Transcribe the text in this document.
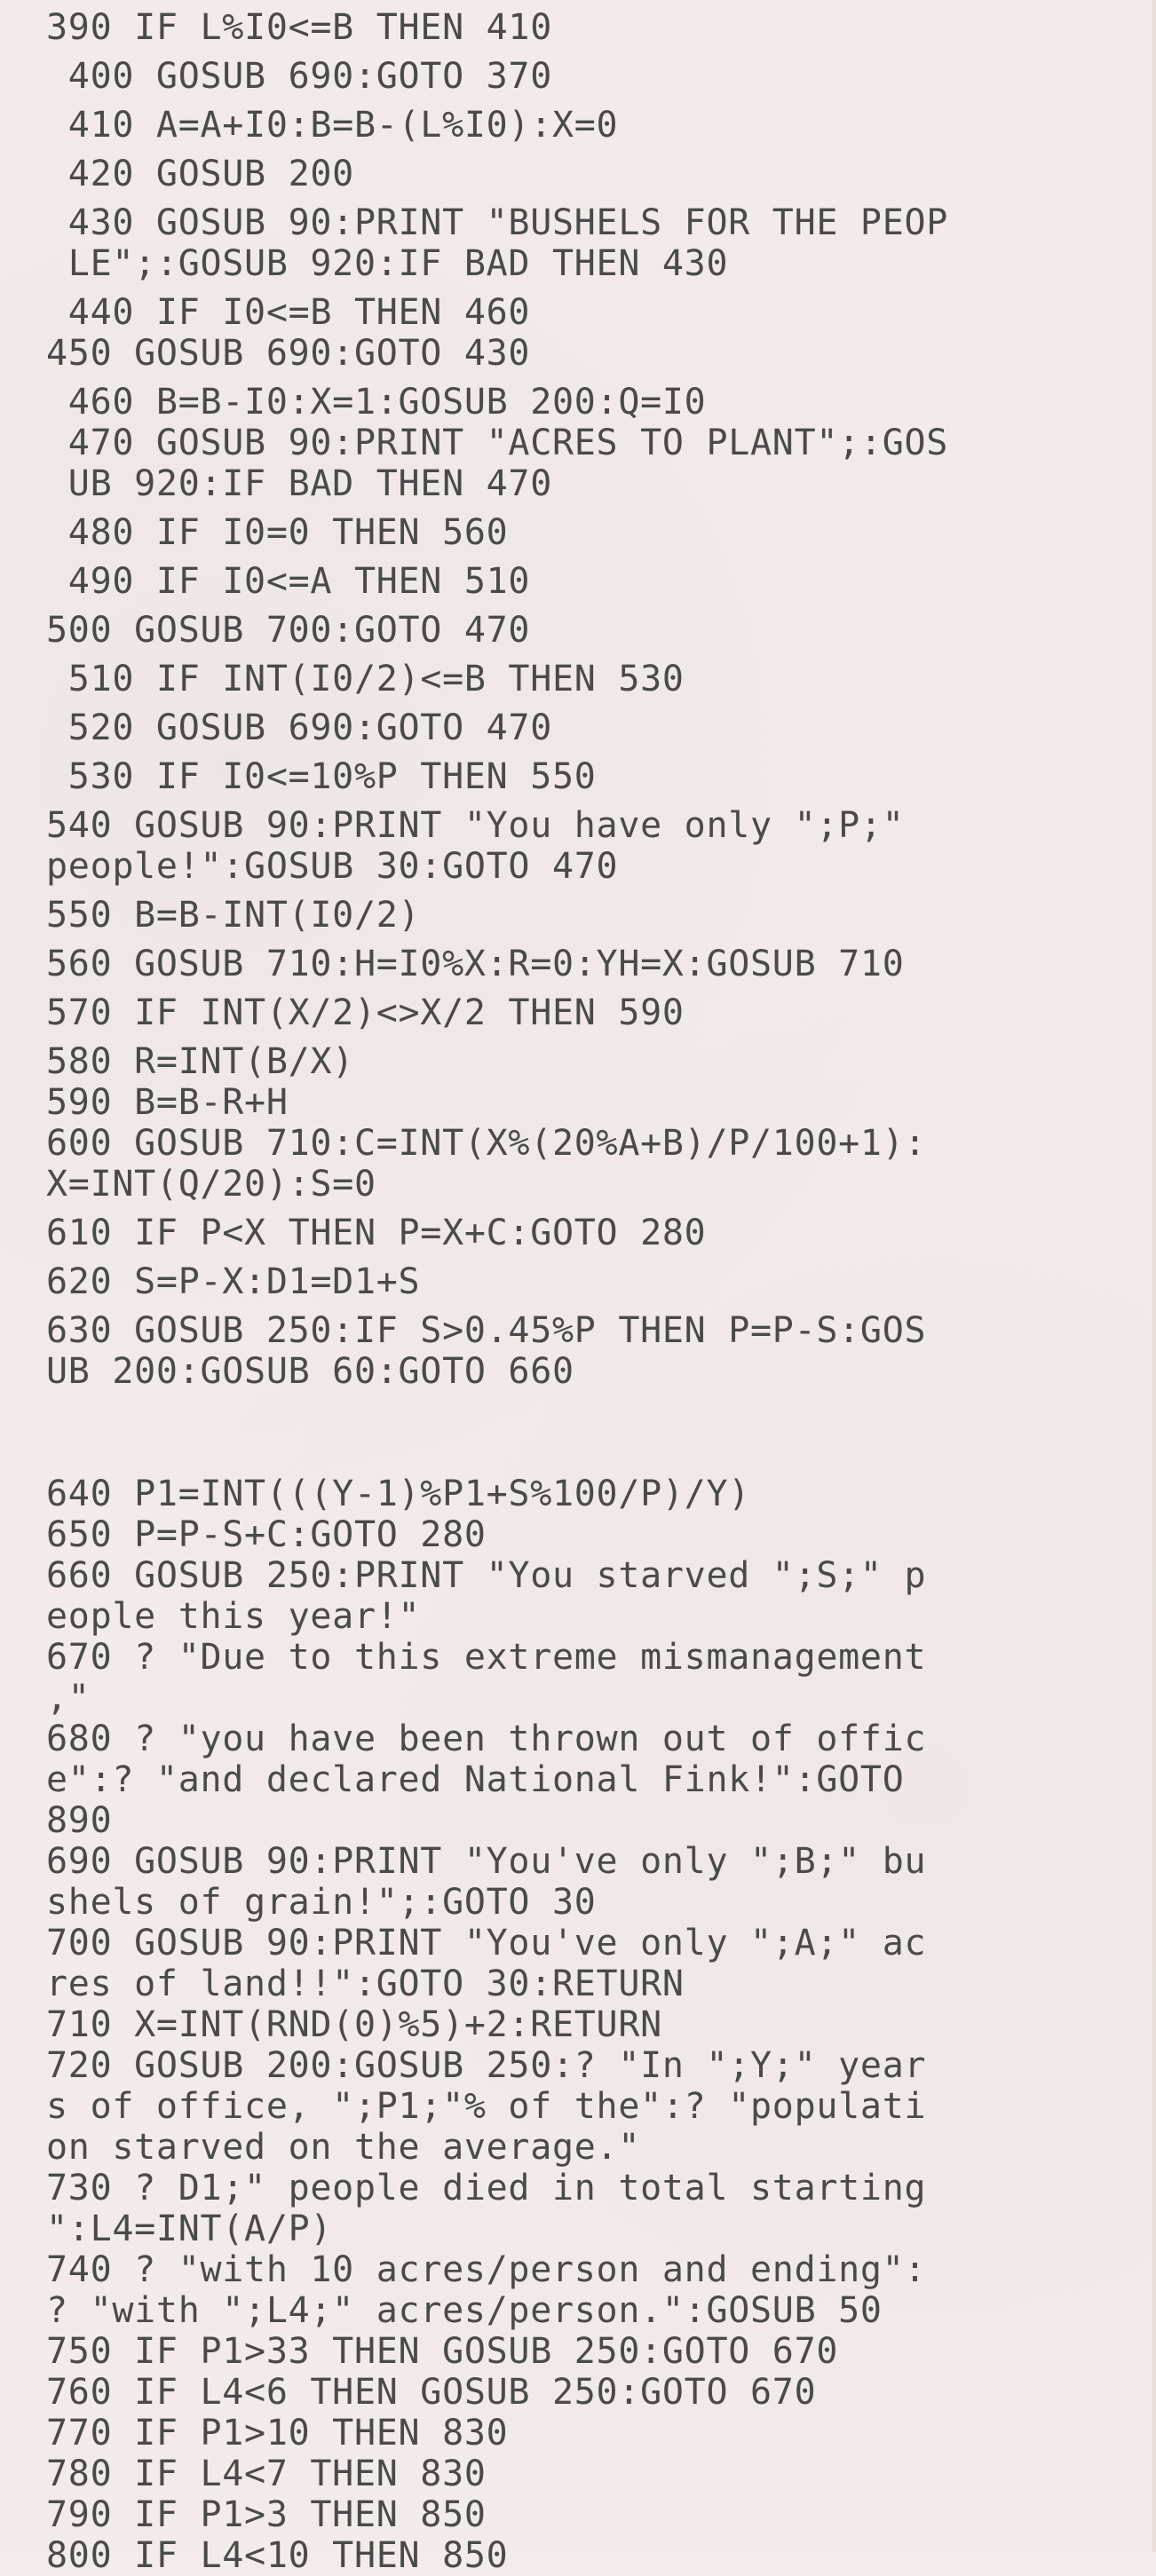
390 IF L%I0<=B THEN 410
400 GOSUB 690:GOTO 370
410 A=A+I0:B=B-(L%I0):X=0
420 GOSUB 200
430 GOSUB 90:PRINT "BUSHELS FOR THE PEOP
LE";:GOSUB 920:IF BAD THEN 430
440 IF I0<=B THEN 460
450 GOSUB 690:GOTO 430
460 B=B-I0:X=1:GOSUB 200:Q=I0
470 GOSUB 90:PRINT "ACRES TO PLANT";:GOS
UB 920:IF BAD THEN 470
480 IF I0=0 THEN 560
490 IF I0<=A THEN 510
500 GOSUB 700:GOTO 470
510 IF INT(I0/2)<=B THEN 530
520 GOSUB 690:GOTO 470
530 IF I0<=10%P THEN 550
540 GOSUB 90:PRINT "You have only ";P;"
people!":GOSUB 30:GOTO 470
550 B=B-INT(I0/2)
560 GOSUB 710:H=I0%X:R=0:YH=X:GOSUB 710
570 IF INT(X/2)<>X/2 THEN 590
580 R=INT(B/X)
590 B=B-R+H
600 GOSUB 710:C=INT(X%(20%A+B)/P/100+1):
X=INT(Q/20):S=0
610 IF P<X THEN P=X+C:GOTO 280
620 S=P-X:D1=D1+S
630 GOSUB 250:IF S>0.45%P THEN P=P-S:GOS
UB 200:GOSUB 60:GOTO 660
640 P1=INT(((Y-1)%P1+S%100/P)/Y)
650 P=P-S+C:GOTO 280
660 GOSUB 250:PRINT "You starved ";S;" p
eople this year!"
670 ? "Due to this extreme mismanagement
,"
680 ? "you have been thrown out of offic
e":? "and declared National Fink!":GOTO
890
690 GOSUB 90:PRINT "You've only ";B;" bu
shels of grain!";:GOTO 30
700 GOSUB 90:PRINT "You've only ";A;" ac
res of land!!":GOTO 30:RETURN
710 X=INT(RND(0)%5)+2:RETURN
720 GOSUB 200:GOSUB 250:? "In ";Y;" year
s of office, ";P1;"% of the":? "populati
on starved on the average."
730 ? D1;" people died in total starting
":L4=INT(A/P)
740 ? "with 10 acres/person and ending":
? "with ";L4;" acres/person.":GOSUB 50
750 IF P1>33 THEN GOSUB 250:GOTO 670
760 IF L4<6 THEN GOSUB 250:GOTO 670
770 IF P1>10 THEN 830
780 IF L4<7 THEN 830
790 IF P1>3 THEN 850
800 IF L4<10 THEN 850
